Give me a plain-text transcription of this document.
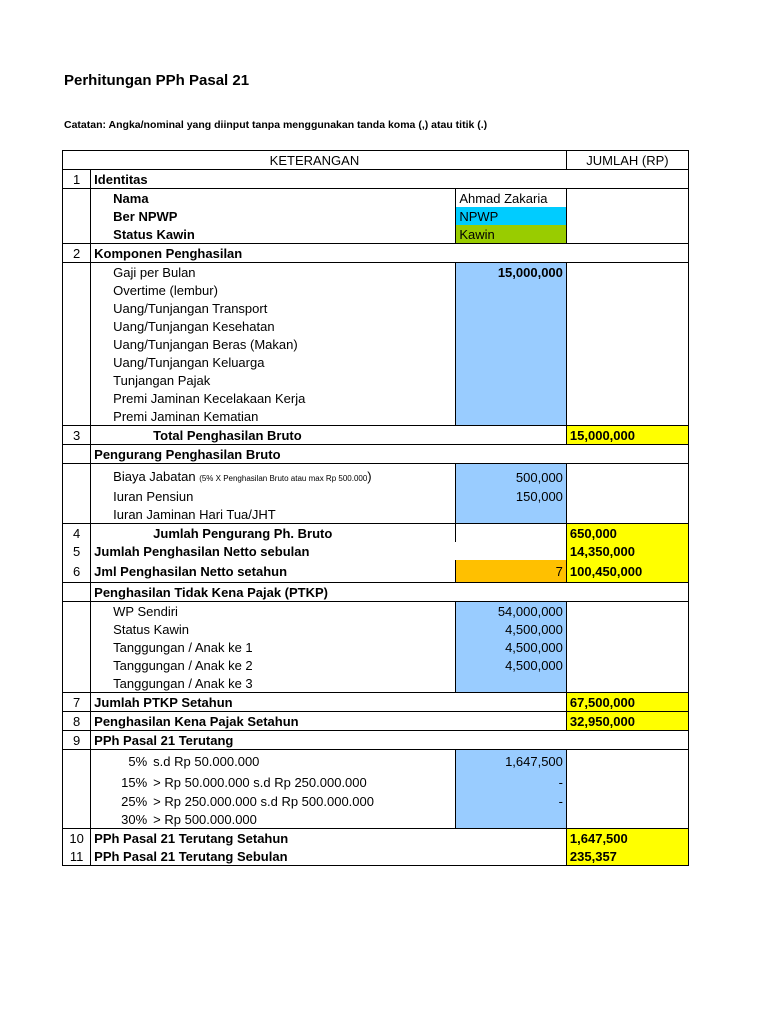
Perhitungan PPh Pasal 21
Catatan: Angka/nominal yang diinput tanpa menggunakan tanda koma (,) atau titik (.)
KETERANGAN			JUMLAH (RP)
1	Identitas		
	Nama	Ahmad Zakaria	
	Ber NPWP	NPWP	
	Status Kawin	Kawin	
2	Komponen Penghasilan		
	Gaji per Bulan	15,000,000	
	Overtime (lembur)		
	Uang/Tunjangan Transport		
	Uang/Tunjangan Kesehatan		
	Uang/Tunjangan Beras (Makan)		
	Uang/Tunjangan Keluarga		
	Tunjangan Pajak		
	Premi Jaminan Kecelakaan Kerja		
	Premi Jaminan Kematian		
3	Total Penghasilan Bruto		15,000,000
	Pengurang Penghasilan Bruto		

	Biaya Jabatan (5% X Penghasilan Bruto atau max Rp 500.000)	500,000	
	Iuran Pensiun	150,000	
	Iuran Jaminan Hari Tua/JHT		
4	Jumlah Pengurang Ph. Bruto		650,000
5	Jumlah Penghasilan Netto sebulan		14,350,000
6	Jml Penghasilan Netto setahun	7	100,450,000
	Penghasilan Tidak Kena Pajak (PTKP)		
	WP Sendiri	54,000,000	
	Status Kawin	4,500,000	
	Tanggungan / Anak ke 1	4,500,000	
	Tanggungan / Anak ke 2	4,500,000	
	Tanggungan / Anak ke 3		
7	Jumlah PTKP Setahun		67,500,000
8	Penghasilan Kena Pajak Setahun		32,950,000
9	PPh Pasal 21 Terutang		
	5% s.d Rp 50.000.000	1,647,500	
	15% > Rp 50.000.000 s.d Rp 250.000.000	-	
	25% > Rp 250.000.000 s.d Rp 500.000.000	-	
	30% > Rp 500.000.000		
10	PPh Pasal 21 Terutang Setahun		1,647,500
11	PPh Pasal 21 Terutang Sebulan		235,357
